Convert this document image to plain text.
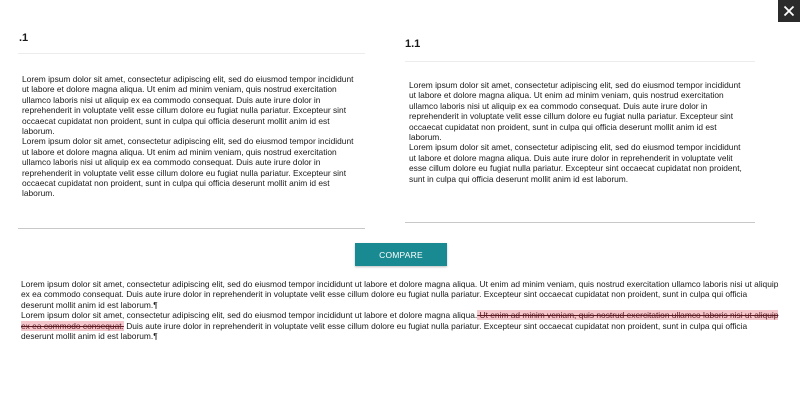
.1
Lorem ipsum dolor sit amet, consectetur adipiscing elit, sed do eiusmod tempor incididunt ut labore et dolore magna aliqua. Ut enim ad minim veniam, quis nostrud exercitation ullamco laboris nisi ut aliquip ex ea commodo consequat. Duis aute irure dolor in reprehenderit in voluptate velit esse cillum dolore eu fugiat nulla pariatur. Excepteur sint occaecat cupidatat non proident, sunt in culpa qui officia deserunt mollit anim id est laborum.
Lorem ipsum dolor sit amet, consectetur adipiscing elit, sed do eiusmod tempor incididunt ut labore et dolore magna aliqua. Ut enim ad minim veniam, quis nostrud exercitation ullamco laboris nisi ut aliquip ex ea commodo consequat. Duis aute irure dolor in reprehenderit in voluptate velit esse cillum dolore eu fugiat nulla pariatur. Excepteur sint occaecat cupidatat non proident, sunt in culpa qui officia deserunt mollit anim id est laborum.
1.1
Lorem ipsum dolor sit amet, consectetur adipiscing elit, sed do eiusmod tempor incididunt ut labore et dolore magna aliqua. Ut enim ad minim veniam, quis nostrud exercitation ullamco laboris nisi ut aliquip ex ea commodo consequat. Duis aute irure dolor in reprehenderit in voluptate velit esse cillum dolore eu fugiat nulla pariatur. Excepteur sint occaecat cupidatat non proident, sunt in culpa qui officia deserunt mollit anim id est laborum.
Lorem ipsum dolor sit amet, consectetur adipiscing elit, sed do eiusmod tempor incididunt ut labore et dolore magna aliqua. Duis aute irure dolor in reprehenderit in voluptate velit esse cillum dolore eu fugiat nulla pariatur. Excepteur sint occaecat cupidatat non proident, sunt in culpa qui officia deserunt mollit anim id est laborum.
COMPARE
Lorem ipsum dolor sit amet, consectetur adipiscing elit, sed do eiusmod tempor incididunt ut labore et dolore magna aliqua. Ut enim ad minim veniam, quis nostrud exercitation ullamco laboris nisi ut aliquip ex ea commodo consequat. Duis aute irure dolor in reprehenderit in voluptate velit esse cillum dolore eu fugiat nulla pariatur. Excepteur sint occaecat cupidatat non proident, sunt in culpa qui officia deserunt mollit anim id est laborum.¶
Lorem ipsum dolor sit amet, consectetur adipiscing elit, sed do eiusmod tempor incididunt ut labore et dolore magna aliqua. Ut enim ad minim veniam, quis nostrud exercitation ullamco laboris nisi ut aliquip ex ea commodo consequat. Duis aute irure dolor in reprehenderit in voluptate velit esse cillum dolore eu fugiat nulla pariatur. Excepteur sint occaecat cupidatat non proident, sunt in culpa qui officia deserunt mollit anim id est laborum.¶
